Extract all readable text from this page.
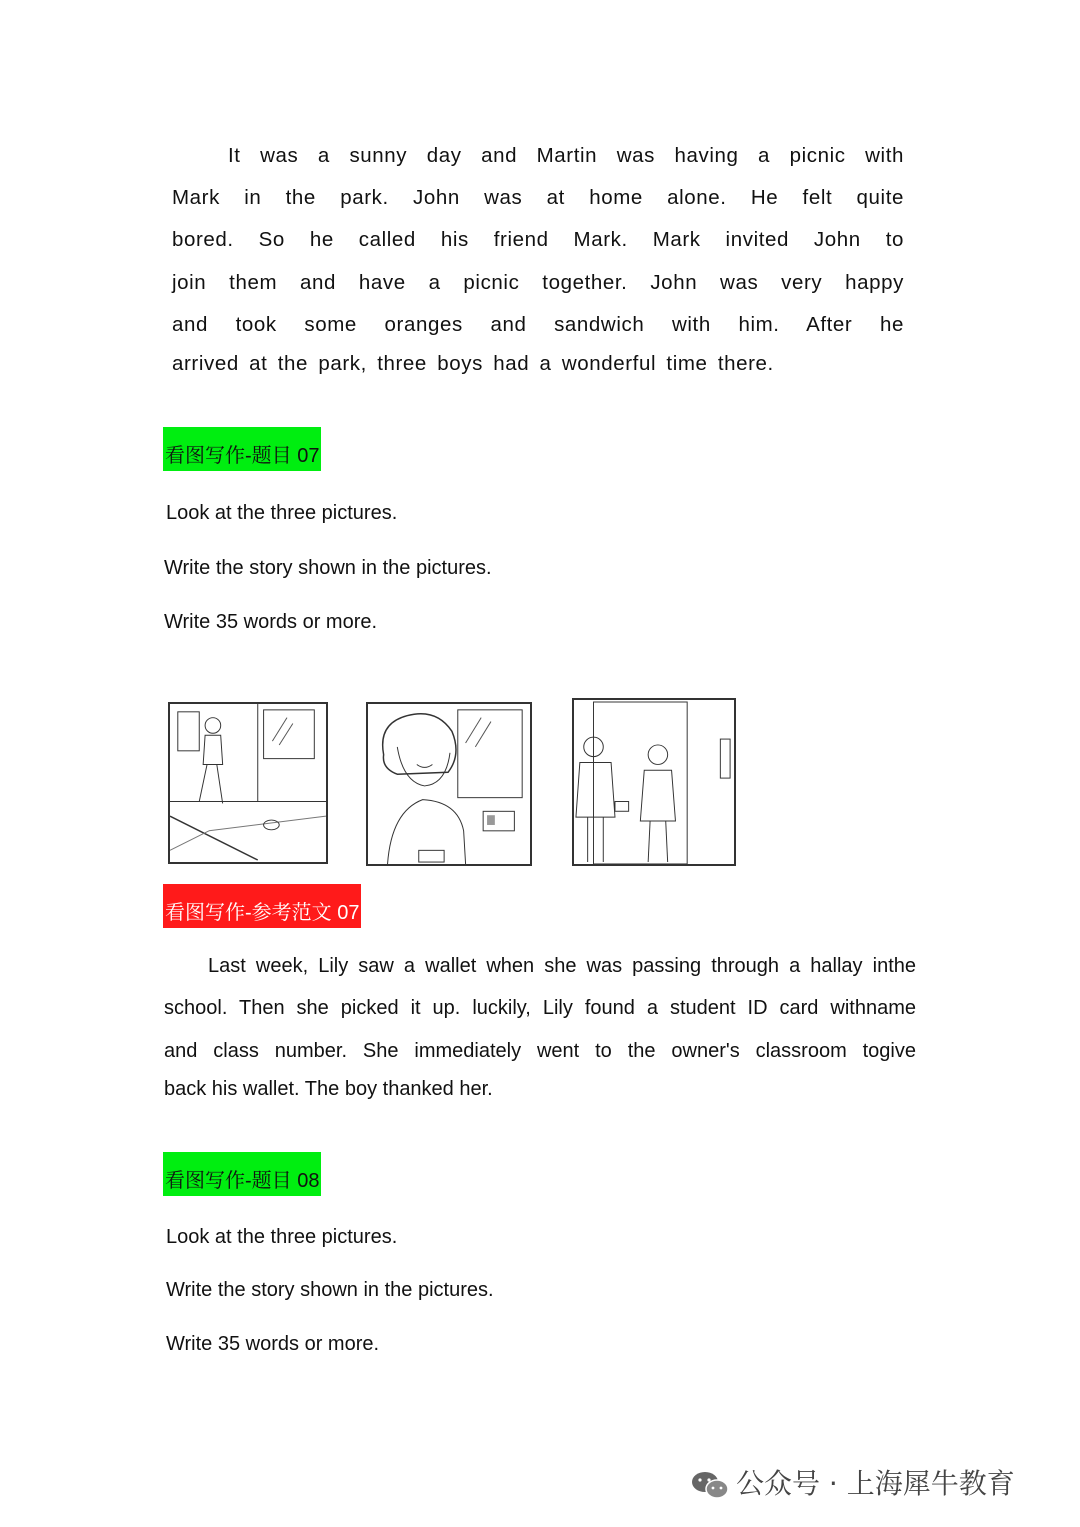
It was a sunny day and Martin was having a picnic with
Mark in the park. John was at home alone. He felt quite
bored. So he called his friend Mark. Mark invited John to
join them and have a picnic together. John was very happy
and took some oranges and sandwich with him. After he
arrived at the park, three boys had a wonderful time there.
看图写作-题目 07
Look at the three pictures.
Write the story shown in the pictures.
Write 35 words or more.
看图写作-参考范文 07
Last week, Lily saw a wallet when she was passing through a hallay inthe
school. Then she picked it up. luckily, Lily found a student ID card withname
and class number. She immediately went to the owner's classroom togive
back his wallet. The boy thanked her.
看图写作-题目 08
Look at the three pictures.
Write the story shown in the pictures.
Write 35 words or more.
公众号 · 上海犀牛教育
